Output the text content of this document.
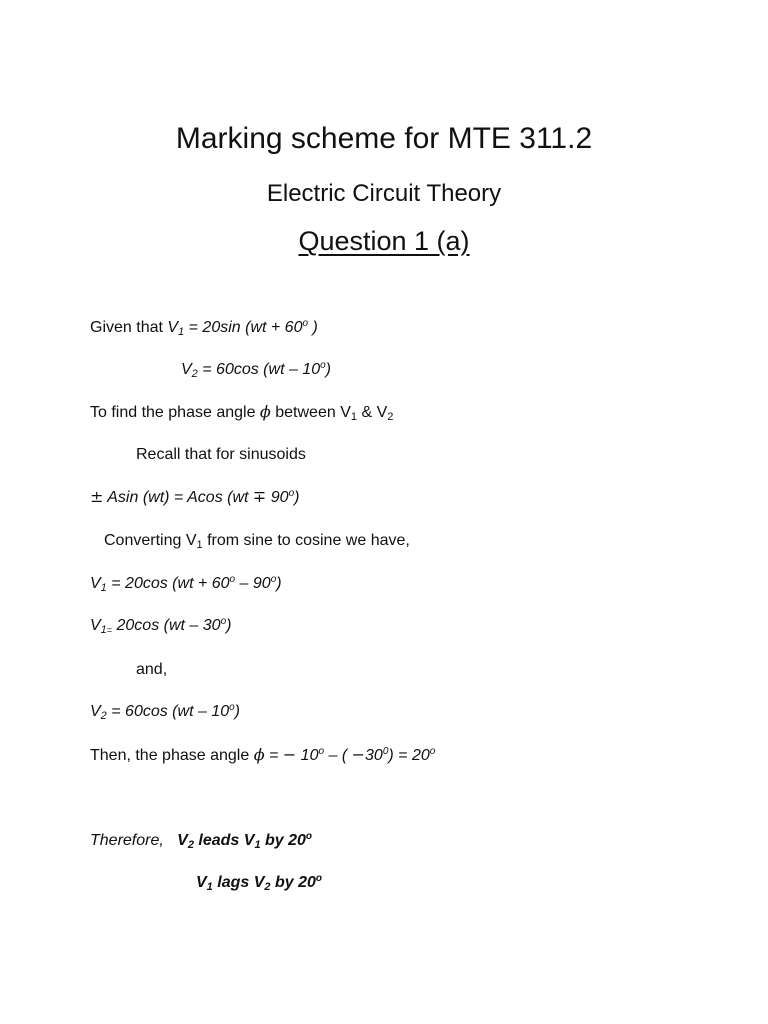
Marking scheme for MTE 311.2
Electric Circuit Theory
Question 1 (a)
Given that $V_1 = 20\sin$ ($wt + 60^o$ )
$V_2 = 60\cos$ (wt – 10$^o$)
To find the phase angle ϕ between $V_1$ & $V_2$
Recall that for sinusoids
± Asin (wt) = Acos $(wt \mp 90^o)$
Converting $V_1$ from sine to cosine we have,
$V_1 = 20\cos$ $(wt + 60^o - 90^o)$
$V_{1=}$ 20cos (wt – 30$^o$)
and,
$V_2 = 60\cos$ (wt – 10$^o$)
Then, the phase angle ϕ = − $10^o$ – ( $-30^0) = 20^o$
Therefore, $V_2$ leads $V_1$ by 20$^o$
$V_1$ lags $V_2$ by 20$^o$
